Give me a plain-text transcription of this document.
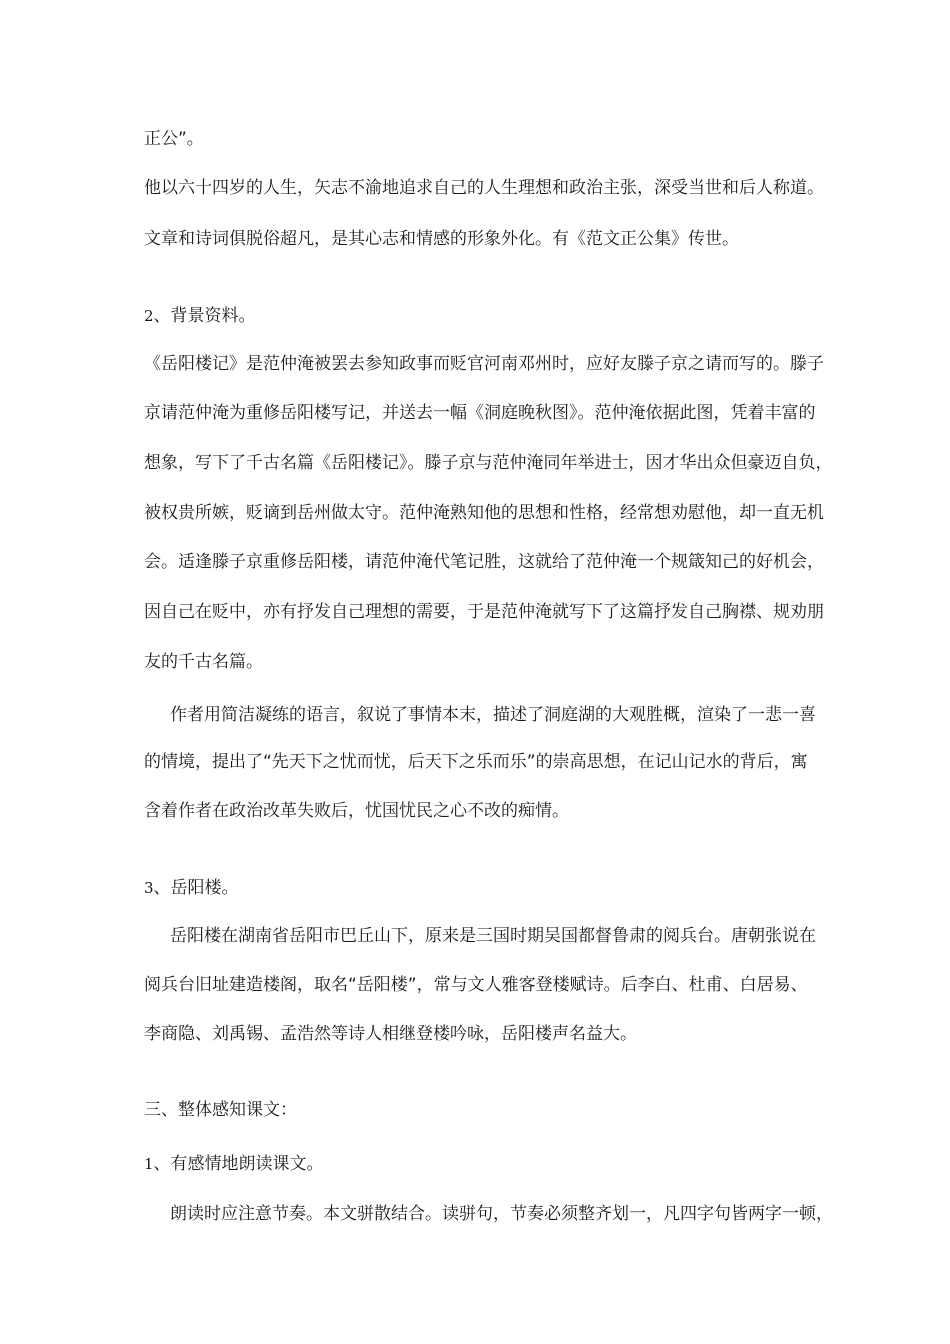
正公”。
他以六十四岁的人生，矢志不渝地追求自己的人生理想和政治主张，深受当世和后人称道。
文章和诗词俱脱俗超凡，是其心志和情感的形象外化。有《范文正公集》传世。
2、背景资料。
《岳阳楼记》是范仲淹被罢去参知政事而贬官河南邓州时，应好友滕子京之请而写的。滕子
京请范仲淹为重修岳阳楼写记，并送去一幅《洞庭晚秋图》。范仲淹依据此图，凭着丰富的
想象，写下了千古名篇《岳阳楼记》。滕子京与范仲淹同年举进士，因才华出众但豪迈自负，
被权贵所嫉，贬谪到岳州做太守。范仲淹熟知他的思想和性格，经常想劝慰他，却一直无机
会。适逢滕子京重修岳阳楼，请范仲淹代笔记胜，这就给了范仲淹一个规箴知己的好机会，
因自己在贬中，亦有抒发自己理想的需要，于是范仲淹就写下了这篇抒发自己胸襟、规劝朋
友的千古名篇。
作者用简洁凝练的语言，叙说了事情本末，描述了洞庭湖的大观胜概，渲染了一悲一喜
的情境，提出了“先天下之忧而忧，后天下之乐而乐”的崇高思想，在记山记水的背后，寓
含着作者在政治改革失败后，忧国忧民之心不改的痴情。
3、岳阳楼。
岳阳楼在湖南省岳阳市巴丘山下，原来是三国时期吴国都督鲁肃的阅兵台。唐朝张说在
阅兵台旧址建造楼阁，取名“岳阳楼”，常与文人雅客登楼赋诗。后李白、杜甫、白居易、
李商隐、刘禹锡、孟浩然等诗人相继登楼吟咏，岳阳楼声名益大。
三、整体感知课文：
1、有感情地朗读课文。
朗读时应注意节奏。本文骈散结合。读骈句，节奏必须整齐划一，凡四字句皆两字一顿，
